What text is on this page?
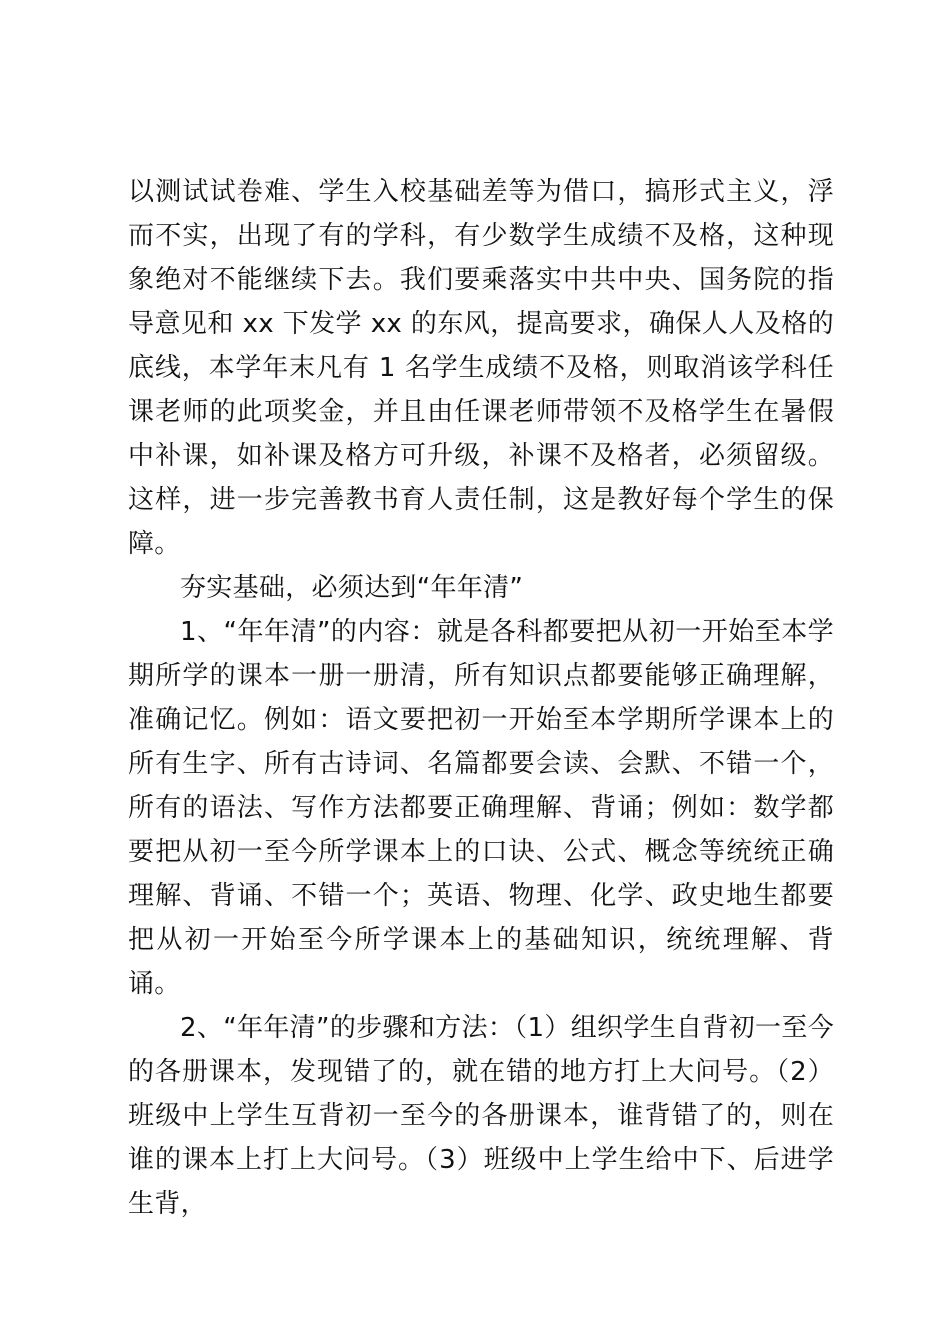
以测试试卷难、学生入校基础差等为借口，搞形式主义，浮而不实，出现了有的学科，有少数学生成绩不及格，这种现象绝对不能继续下去。我们要乘落实中共中央、国务院的指导意见和 xx 下发学 xx 的东风，提高要求，确保人人及格的底线，本学年末凡有 1 名学生成绩不及格，则取消该学科任课老师的此项奖金，并且由任课老师带领不及格学生在暑假中补课，如补课及格方可升级，补课不及格者，必须留级。这样，进一步完善教书育人责任制，这是教好每个学生的保障。

夯实基础，必须达到“年年清”

1、“年年清”的内容：就是各科都要把从初一开始至本学期所学的课本一册一册清，所有知识点都要能够正确理解，准确记忆。例如：语文要把初一开始至本学期所学课本上的所有生字、所有古诗词、名篇都要会读、会默、不错一个，所有的语法、写作方法都要正确理解、背诵；例如：数学都要把从初一至今所学课本上的口诀、公式、概念等统统正确理解、背诵、不错一个；英语、物理、化学、政史地生都要把从初一开始至今所学课本上的基础知识，统统理解、背诵。

2、“年年清”的步骤和方法：（1）组织学生自背初一至今的各册课本，发现错了的，就在错的地方打上大问号。（2）班级中上学生互背初一至今的各册课本，谁背错了的，则在谁的课本上打上大问号。（3）班级中上学生给中下、后进学生背，
